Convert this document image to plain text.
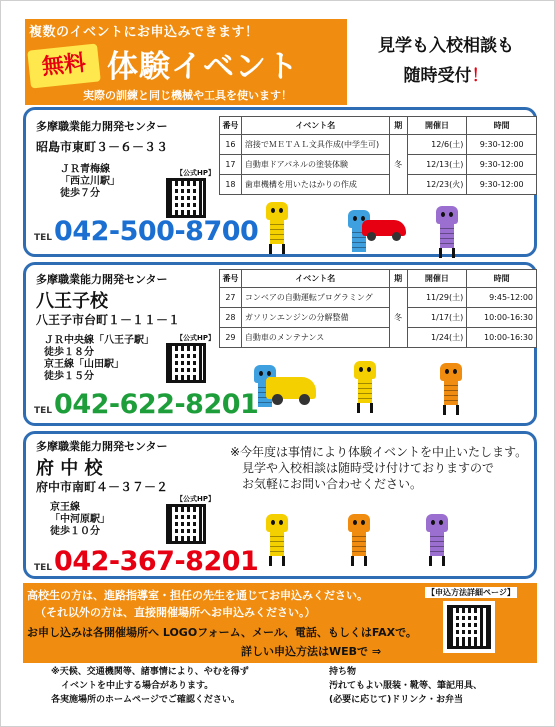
複数のイベントにお申込みできます！
無料 体験イベント
実際の訓練と同じ機械や工具を使います！
見学も入校相談も
随時受付！
多摩職業能力開発センター
昭島市東町３－６－３３
ＪＲ青梅線
「西立川駅」
徒歩７分
【公式HP】
TEL042-500-8700
番号	イベント名	期	開催日	時間
16	溶接でＭＥＴＡＬ文具作成(中学生可)	冬	12/6(土)	9:30-12:00
17	自動車ドアパネルの塗装体験		12/13(土)	9:30-12:00
18	歯車機構を用いたはかりの作成		12/23(火)	9:30-12:00
多摩職業能力開発センター
八王子校
八王子市台町１－１１－１
ＪＲ中央線「八王子駅」
徒歩１８分
京王線「山田駅」
徒歩１５分
【公式HP】
TEL042-622-8201
番号	イベント名	期	開催日	時間
27	コンベアの自動運転プログラミング	冬	11/29(土)	9:45-12:00
28	ガソリンエンジンの分解整備		1/17(土)	10:00-16:30
29	自動車のメンテナンス		1/24(土)	10:00-16:30
多摩職業能力開発センター
府 中 校
府中市南町４－３７－２
京王線
「中河原駅」
徒歩１０分
【公式HP】
TEL042-367-8201
※今年度は事情により体験イベントを中止いたします。
見学や入校相談は随時受け付けておりますので
お気軽にお問い合わせください。
高校生の方は、進路指導室・担任の先生を通じてお申込みください。
（それ以外の方は、直接開催場所へお申込みください。）
お申し込みは各開催場所へ LOGOフォーム、メール、電話、もしくはFAXで。
詳しい申込方法はWEBで ⇒
【申込方法詳細ページ】
※天候、交通機関等、諸事情により、やむを得ず
イベントを中止する場合があります。
各実施場所のホームページでご確認ください。
持ち物
汚れてもよい服装・靴等、筆記用具、
(必要に応じて)ドリンク・お弁当
